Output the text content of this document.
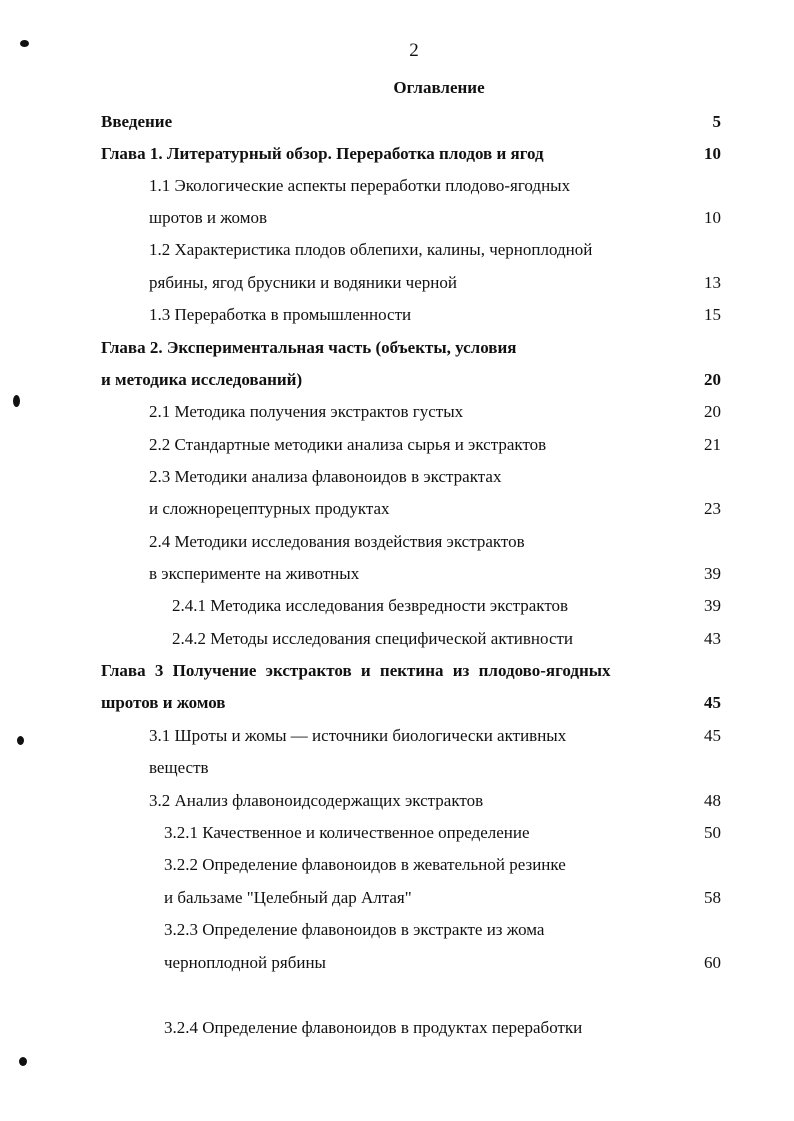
2
Оглавление
Введение	5
Глава 1. Литературный обзор. Переработка плодов и ягод	10
1.1 Экологические аспекты переработки плодово-ягодных
шротов и жомов	10
1.2 Характеристика плодов облепихи, калины, черноплодной
рябины, ягод брусники и водяники черной	13
1.3 Переработка в промышленности	15
Глава 2. Экспериментальная часть (объекты, условия
и методика исследований)	20
2.1 Методика получения экстрактов густых	20
2.2 Стандартные методики анализа сырья и экстрактов	21
2.3 Методики анализа флавоноидов в экстрактах
и сложнорецептурных продуктах	23
2.4 Методики исследования воздействия экстрактов
в эксперименте на животных	39
2.4.1 Методика исследования безвредности экстрактов	39
2.4.2 Методы исследования специфической активности	43
Глава 3 Получение экстрактов и пектина из плодово-ягодных
шротов и жомов	45
3.1 Шроты и жомы — источники биологически активных	45
веществ
3.2 Анализ флавоноидсодержащих экстрактов	48
3.2.1 Качественное и количественное определение	50
3.2.2 Определение флавоноидов в жевательной резинке
и бальзаме "Целебный дар Алтая"	58
3.2.3 Определение флавоноидов в экстракте из жома
черноплодной рябины	60
3.2.4 Определение флавоноидов в продуктах переработки
